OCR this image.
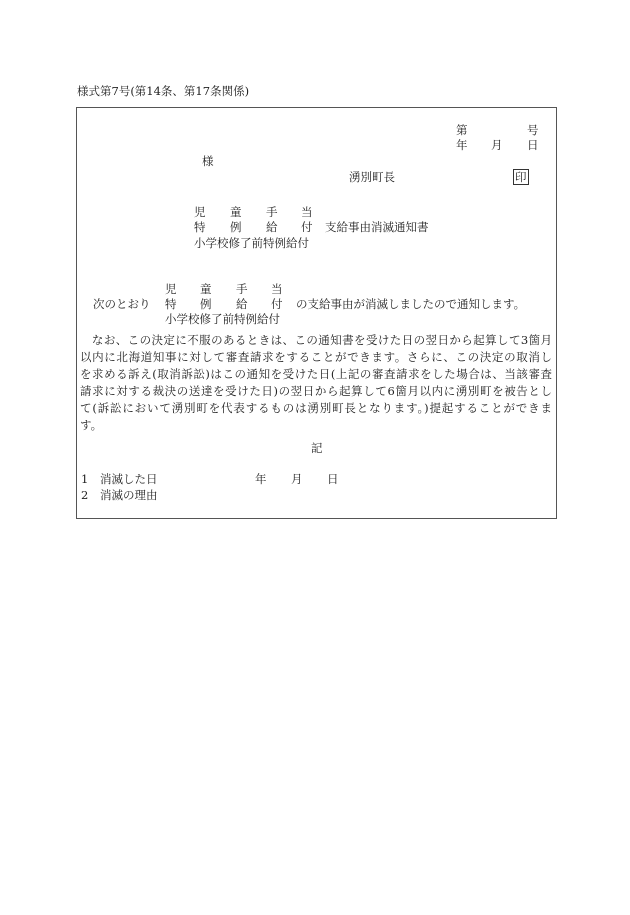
様式第7号(第14条、第17条関係)
第	号
年 月 日
様
湧別町長	印
児 童 手 当
特 例 給 付 支給事由消滅通知書
小学校修了前特例給付
児 童 手 当
次のとおり 特 例 給 付 の支給事由が消滅しましたので通知します。
小学校修了前特例給付
　なお、この決定に不服のあるときは、この通知書を受けた日の翌日から起算して3箇月
以内に北海道知事に対して審査請求をすることができます。さらに、この決定の取消し
を求める訴え(取消訴訟)はこの通知を受けた日(上記の審査請求をした場合は、当該審査
請求に対する裁決の送達を受けた日)の翌日から起算して6箇月以内に湧別町を被告とし
て(訴訟において湧別町を代表するものは湧別町長となります。)提起することができま
す。
記
1 消滅した日	年 月 日
2 消滅の理由
